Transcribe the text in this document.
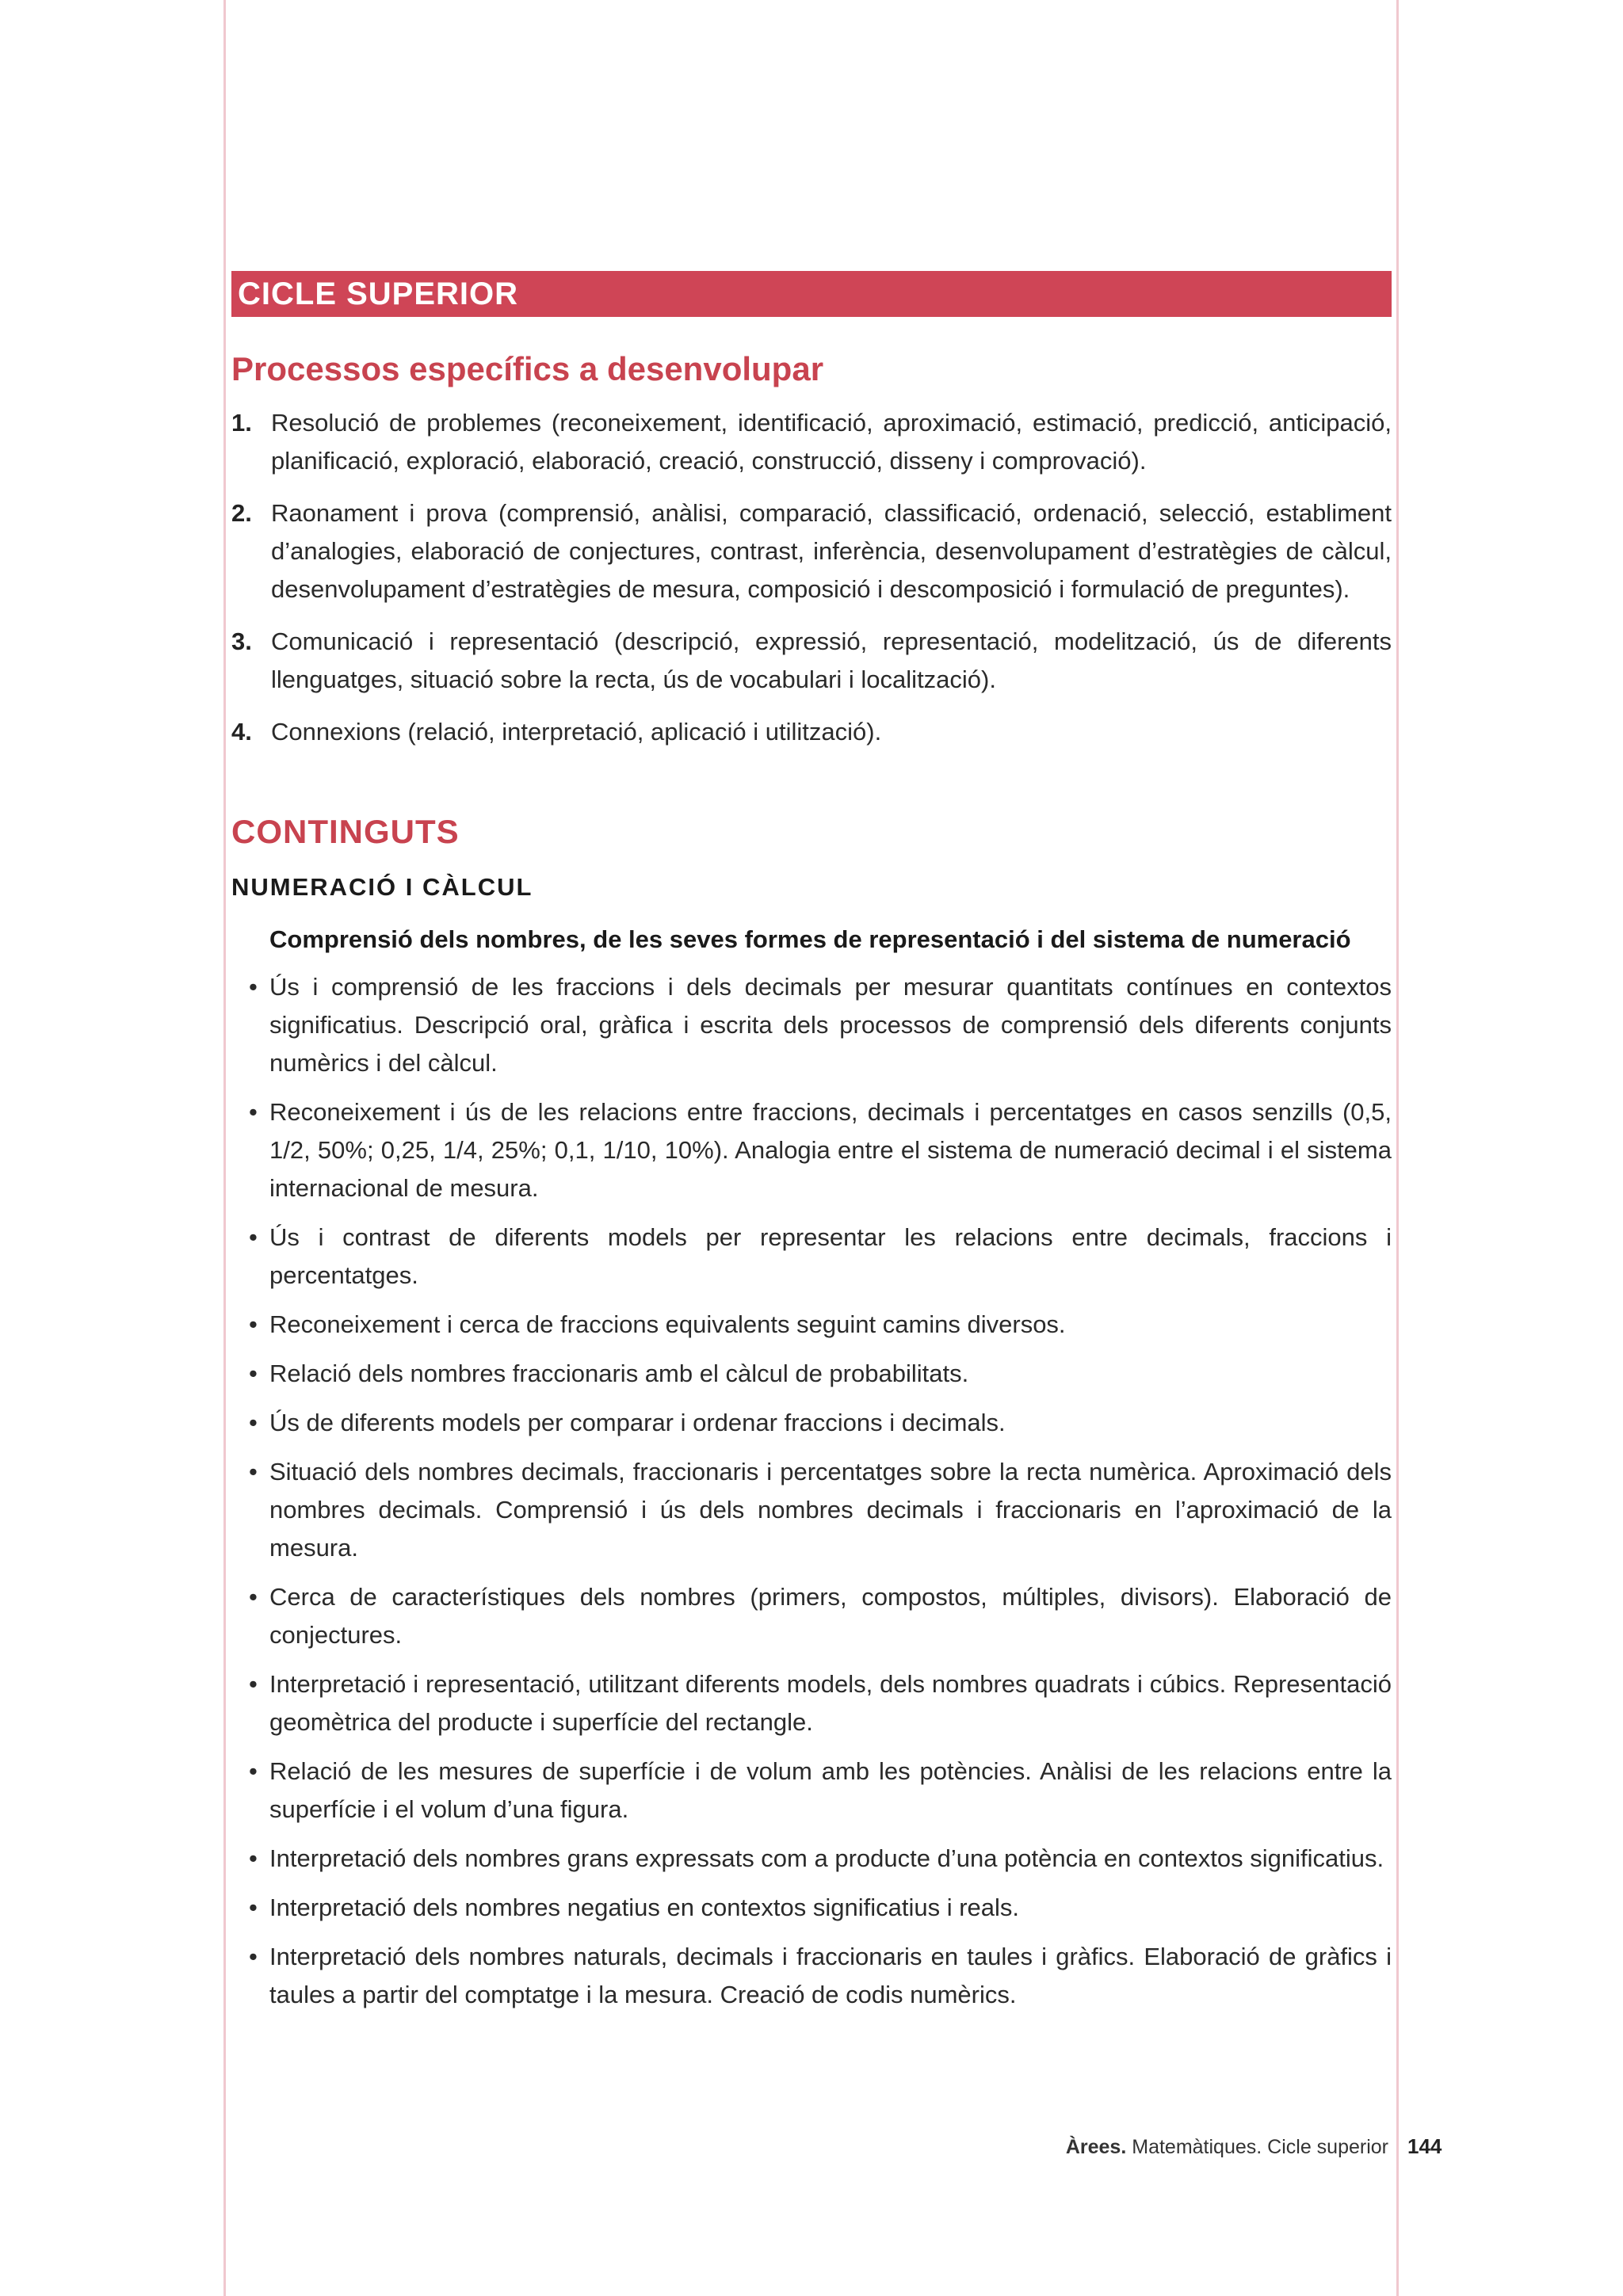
CICLE SUPERIOR
Processos específics a desenvolupar
1. Resolució de problemes (reconeixement, identificació, aproximació, estimació, predicció, anticipació, planificació, exploració, elaboració, creació, construcció, disseny i comprovació).
2. Raonament i prova (comprensió, anàlisi, comparació, classificació, ordenació, selecció, establiment d’analogies, elaboració de conjectures, contrast, inferència, desenvolupament d’estratègies de càlcul, desenvolupament d’estratègies de mesura, composició i descomposició i formulació de preguntes).
3. Comunicació i representació (descripció, expressió, representació, modelització, ús de diferents llenguatges, situació sobre la recta, ús de vocabulari i localització).
4. Connexions (relació, interpretació, aplicació i utilització).
CONTINGUTS
NUMERACIÓ I CÀLCUL
Comprensió dels nombres, de les seves formes de representació i del sistema de numeració
• Ús i comprensió de les fraccions i dels decimals per mesurar quantitats contínues en contextos significatius. Descripció oral, gràfica i escrita dels processos de comprensió dels diferents conjunts numèrics i del càlcul.
• Reconeixement i ús de les relacions entre fraccions, decimals i percentatges en casos senzills (0,5, 1/2, 50%; 0,25, 1/4, 25%; 0,1, 1/10, 10%). Analogia entre el sistema de numeració decimal i el sistema internacional de mesura.
• Ús i contrast de diferents models per representar les relacions entre decimals, fraccions i percentatges.
• Reconeixement i cerca de fraccions equivalents seguint camins diversos.
• Relació dels nombres fraccionaris amb el càlcul de probabilitats.
• Ús de diferents models per comparar i ordenar fraccions i decimals.
• Situació dels nombres decimals, fraccionaris i percentatges sobre la recta numèrica. Aproximació dels nombres decimals. Comprensió i ús dels nombres decimals i fraccionaris en l’aproximació de la mesura.
• Cerca de característiques dels nombres (primers, compostos, múltiples, divisors). Elaboració de conjectures.
• Interpretació i representació, utilitzant diferents models, dels nombres quadrats i cúbics. Representació geomètrica del producte i superfície del rectangle.
• Relació de les mesures de superfície i de volum amb les potències. Anàlisi de les relacions entre la superfície i el volum d’una figura.
• Interpretació dels nombres grans expressats com a producte d’una potència en contextos significatius.
• Interpretació dels nombres negatius en contextos significatius i reals.
• Interpretació dels nombres naturals, decimals i fraccionaris en taules i gràfics. Elaboració de gràfics i taules a partir del comptatge i la mesura. Creació de codis numèrics.
Àrees. Matemàtiques. Cicle superior 144
